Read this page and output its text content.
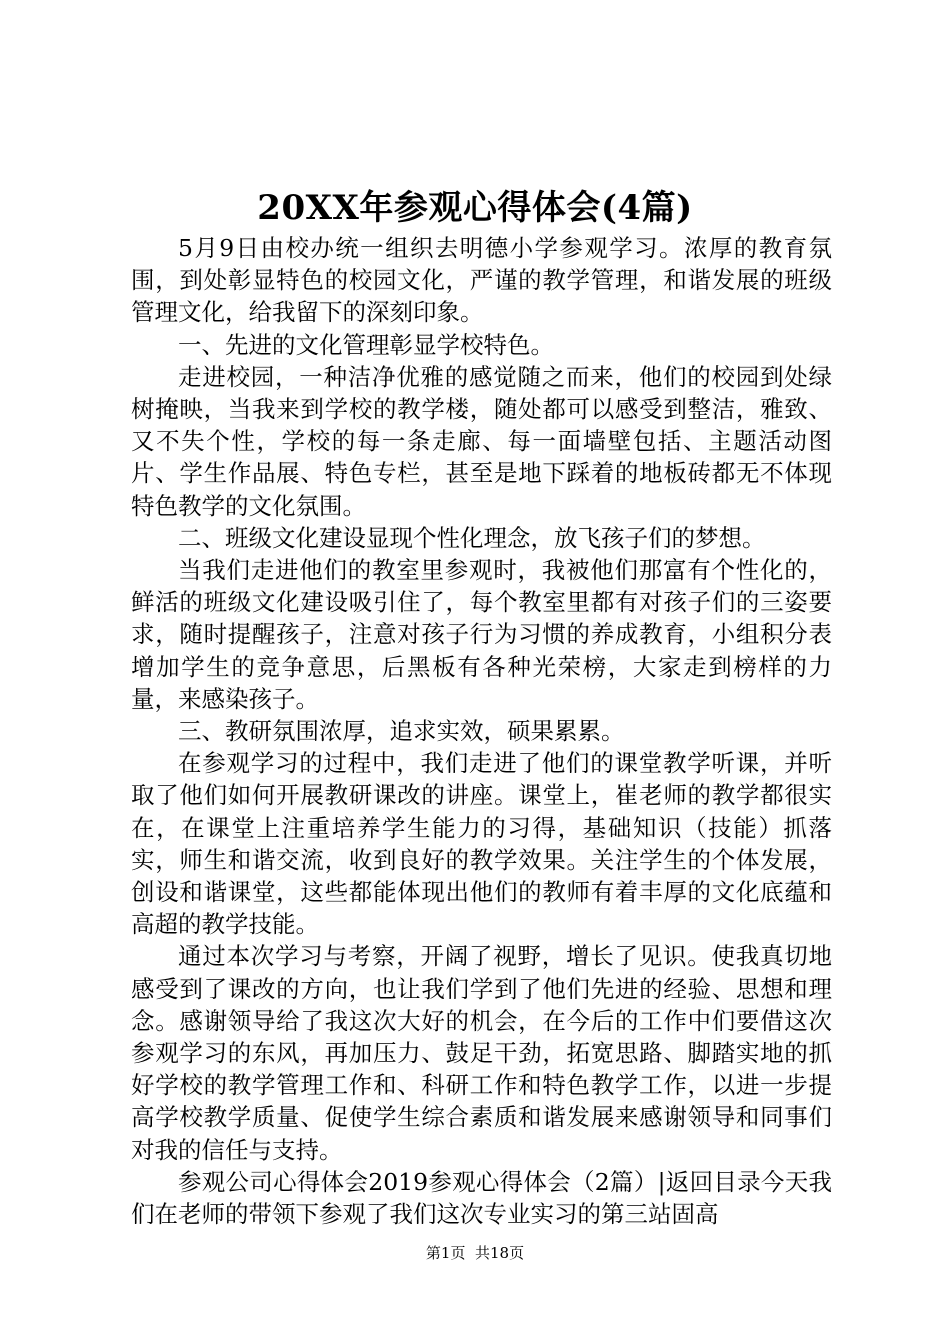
20XX年参观心得体会(4篇)

5月9日由校办统一组织去明德小学参观学习。浓厚的教育氛围，到处彰显特色的校园文化，严谨的教学管理，和谐发展的班级管理文化，给我留下的深刻印象。

一、先进的文化管理彰显学校特色。

走进校园，一种洁净优雅的感觉随之而来，他们的校园到处绿树掩映，当我来到学校的教学楼，随处都可以感受到整洁，雅致、又不失个性，学校的每一条走廊、每一面墙壁包括、主题活动图片、学生作品展、特色专栏，甚至是地下踩着的地板砖都无不体现特色教学的文化氛围。

二、班级文化建设显现个性化理念，放飞孩子们的梦想。

当我们走进他们的教室里参观时，我被他们那富有个性化的，鲜活的班级文化建设吸引住了，每个教室里都有对孩子们的三姿要求，随时提醒孩子，注意对孩子行为习惯的养成教育，小组积分表增加学生的竞争意思，后黑板有各种光荣榜，大家走到榜样的力量，来感染孩子。

三、教研氛围浓厚，追求实效，硕果累累。

在参观学习的过程中，我们走进了他们的课堂教学听课，并听取了他们如何开展教研课改的讲座。课堂上，崔老师的教学都很实在，在课堂上注重培养学生能力的习得，基础知识（技能）抓落实，师生和谐交流，收到良好的教学效果。关注学生的个体发展，创设和谐课堂，这些都能体现出他们的教师有着丰厚的文化底蕴和高超的教学技能。

通过本次学习与考察，开阔了视野，增长了见识。使我真切地感受到了课改的方向，也让我们学到了他们先进的经验、思想和理念。感谢领导给了我这次大好的机会，在今后的工作中们要借这次参观学习的东风，再加压力、鼓足干劲，拓宽思路、脚踏实地的抓好学校的教学管理工作和、科研工作和特色教学工作，以进一步提高学校教学质量、促使学生综合素质和谐发展来感谢领导和同事们对我的信任与支持。

参观公司心得体会2019参观心得体会（2篇）|返回目录今天我们在老师的带领下参观了我们这次专业实习的第三站固高

第1页  共18页
